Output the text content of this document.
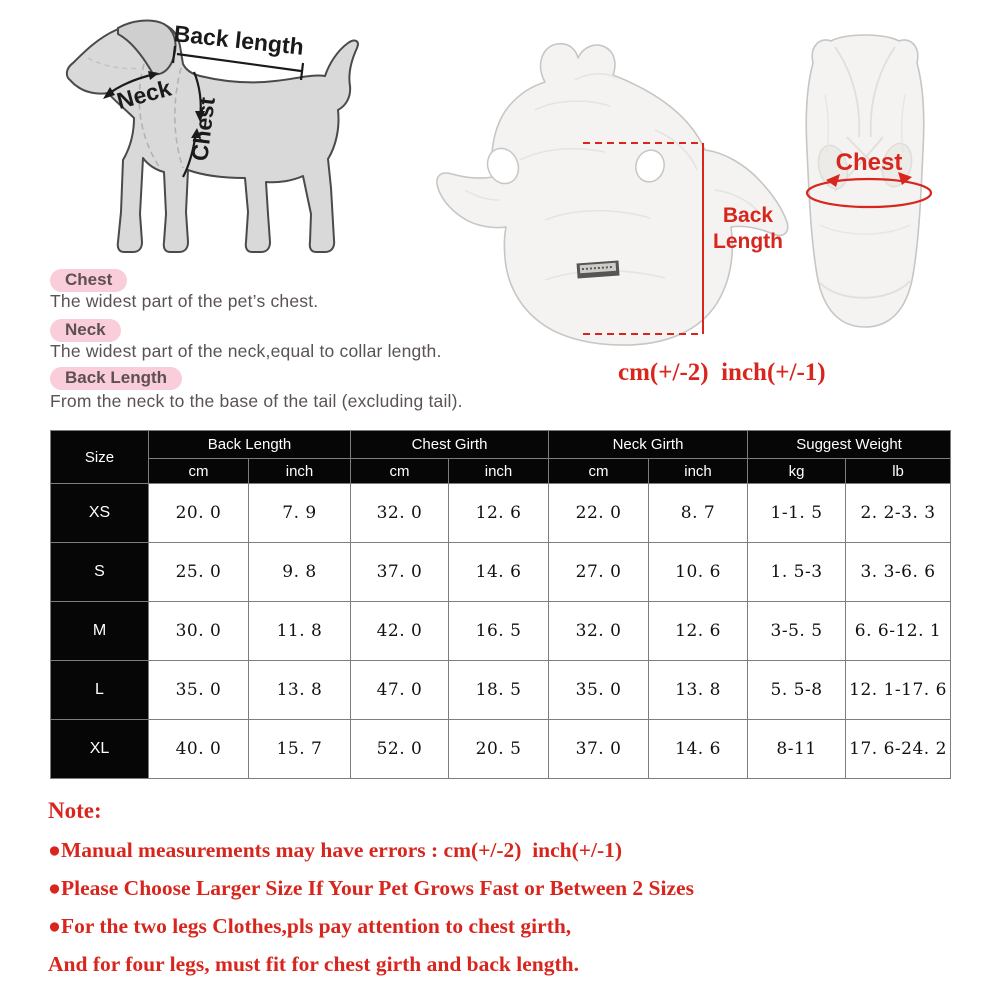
Back length
Neck
Chest
Back Length
Chest
cm(+/-2)  inch(+/-1)
Chest
The widest part of the pet’s chest.
Neck
The widest part of the neck,equal to collar length.
Back Length
From the neck to the base of the tail (excluding tail).
Size	Back Length		Chest Girth		Neck Girth		Suggest Weight	
	cm	inch	cm	inch	cm	inch	kg	lb
XS	20. 0	7. 9	32. 0	12. 6	22. 0	8. 7	1-1. 5	2. 2-3. 3
S	25. 0	9. 8	37. 0	14. 6	27. 0	10. 6	1. 5-3	3. 3-6. 6
M	30. 0	11. 8	42. 0	16. 5	32. 0	12. 6	3-5. 5	6. 6-12. 1
L	35. 0	13. 8	47. 0	18. 5	35. 0	13. 8	5. 5-8	12. 1-17. 6
XL	40. 0	15. 7	52. 0	20. 5	37. 0	14. 6	8-11	17. 6-24. 2
Note:
●Manual measurements may have errors : cm(+/-2)  inch(+/-1)
●Please Choose Larger Size If Your Pet Grows Fast or Between 2 Sizes
●For the two legs Clothes,pls pay attention to chest girth,
And for four legs, must fit for chest girth and back length.
